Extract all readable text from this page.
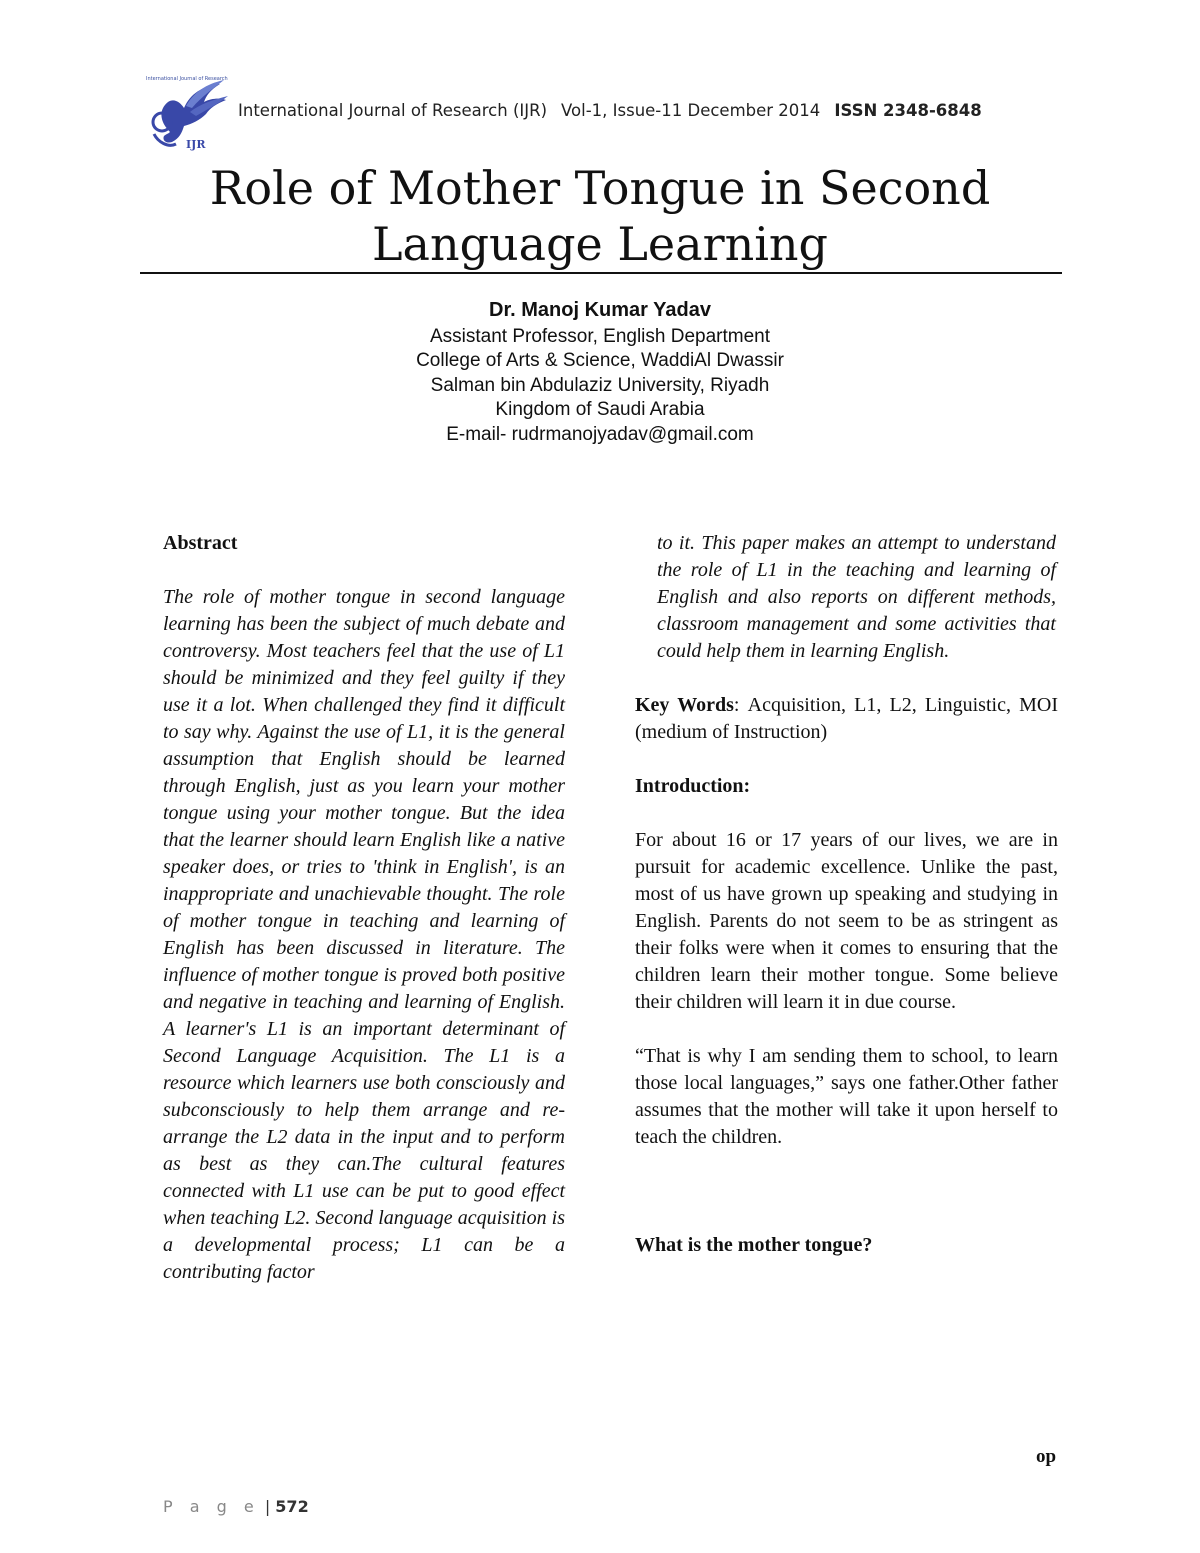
International Journal of Research
IJR
International Journal of Research (IJR) Vol-1, Issue-11 December 2014 ISSN 2348-6848
Role of Mother Tongue in Second
Language Learning
Dr. Manoj Kumar Yadav
Assistant Professor, English Department
College of Arts & Science, WaddiAl Dwassir
Salman bin Abdulaziz University, Riyadh
Kingdom of Saudi Arabia
E-mail- rudrmanojyadav@gmail.com
Abstract
The role of mother tongue in second language learning has been the subject of much debate and controversy. Most teachers feel that the use of L1 should be minimized and they feel guilty if they use it a lot. When challenged they find it difficult to say why. Against the use of L1, it is the general assumption that English should be learned through English, just as you learn your mother tongue using your mother tongue. But the idea that the learner should learn English like a native speaker does, or tries to 'think in English', is an inappropriate and unachievable thought. The role of mother tongue in teaching and learning of English has been discussed in literature. The influence of mother tongue is proved both positive and negative in teaching and learning of English. A learner's L1 is an important determinant of Second Language Acquisition. The L1 is a resource which learners use both consciously and subconsciously to help them arrange and re-arrange the L2 data in the input and to perform as best as they can.The cultural features connected with L1 use can be put to good effect when teaching L2. Second language acquisition is a developmental process; L1 can be a contributing factor
to it. This paper makes an attempt to understand the role of L1 in the teaching and learning of English and also reports on different methods, classroom management and some activities that could help them in learning English.
Key Words: Acquisition, L1, L2, Linguistic, MOI (medium of Instruction)
Introduction:
For about 16 or 17 years of our lives, we are in pursuit for academic excellence. Unlike the past, most of us have grown up speaking and studying in English. Parents do not seem to be as stringent as their folks were when it comes to ensuring that the children learn their mother tongue. Some believe their children will learn it in due course.
“That is why I am sending them to school, to learn those local languages,” says one father.Other father assumes that the mother will take it upon herself to teach the children.
What is the mother tongue?
op
P a g e | 572
